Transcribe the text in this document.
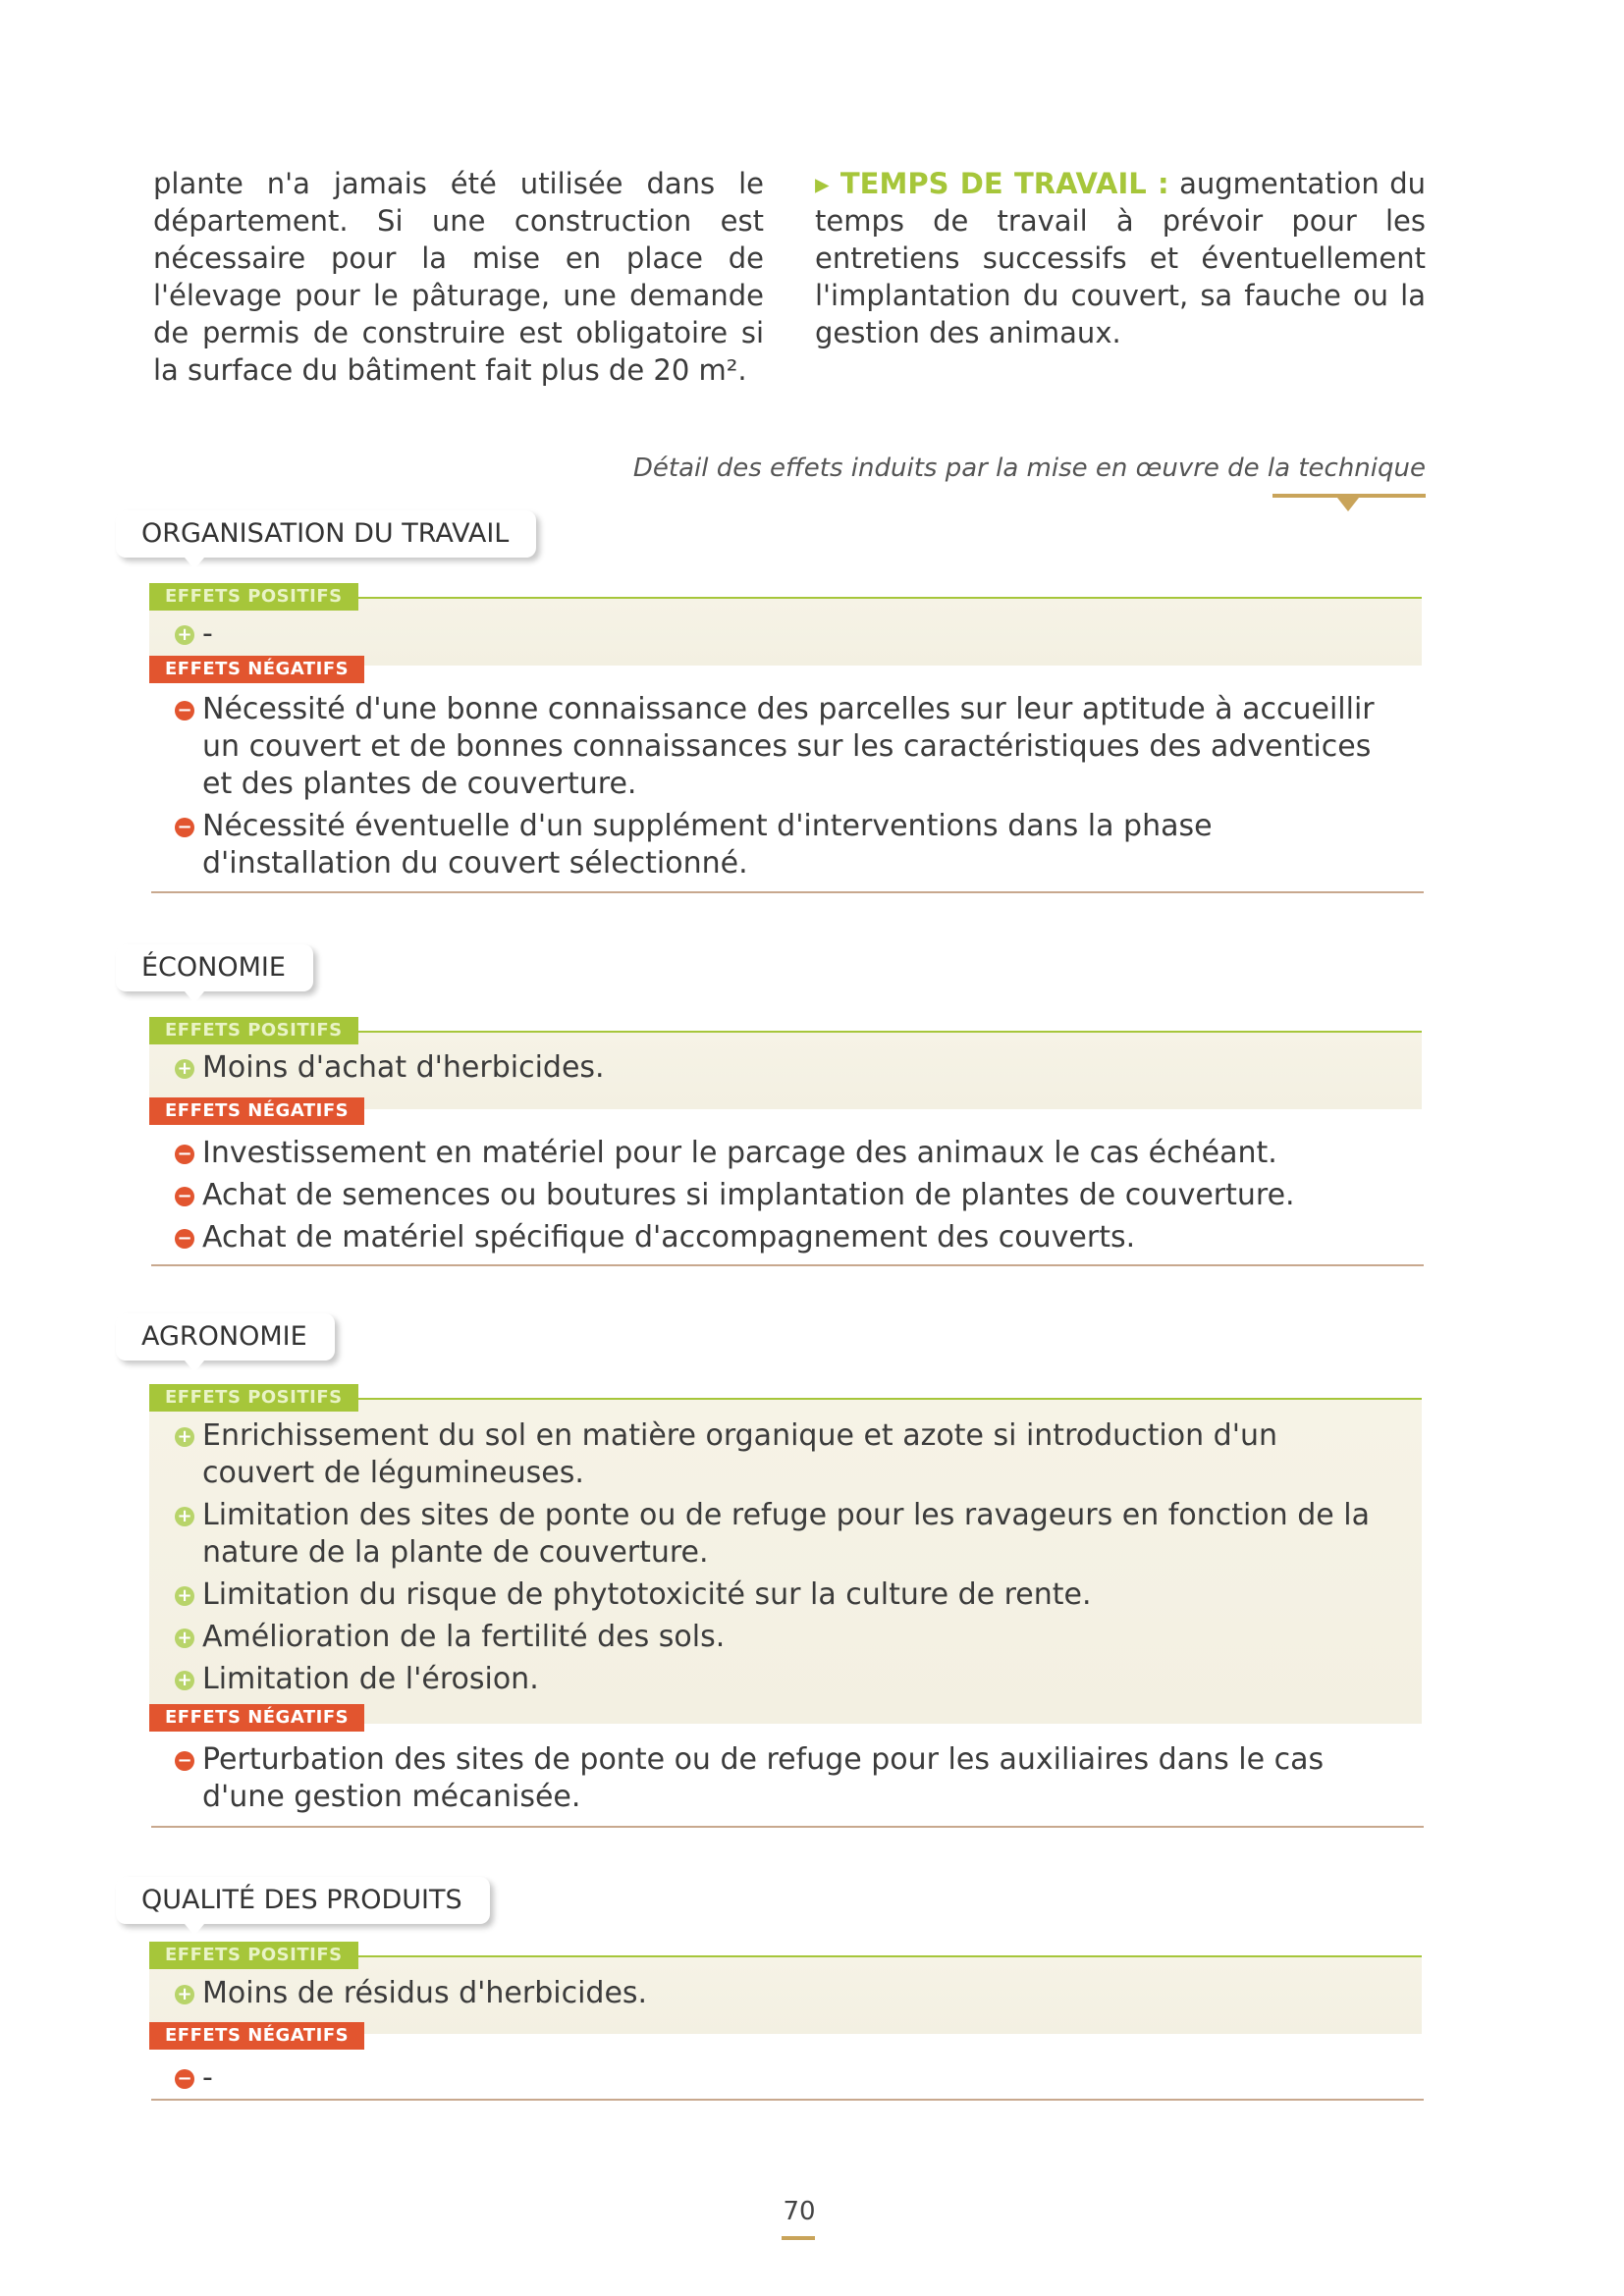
plante n'a jamais été utilisée dans le département. Si une construction est nécessaire pour la mise en place de l'élevage pour le pâturage, une demande de permis de construire est obligatoire si la surface du bâtiment fait plus de 20 m².
▸ TEMPS DE TRAVAIL : augmentation du temps de travail à prévoir pour les entretiens successifs et éventuellement l'implantation du couvert, sa fauche ou la gestion des animaux.
Détail des effets induits par la mise en œuvre de la technique
ORGANISATION DU TRAVAIL
EFFETS POSITIFS
+ -
EFFETS NÉGATIFS
− Nécessité d'une bonne connaissance des parcelles sur leur aptitude à accueillir un couvert et de bonnes connaissances sur les caractéristiques des adventices et des plantes de couverture.
− Nécessité éventuelle d'un supplément d'interventions dans la phase d'installation du couvert sélectionné.
ÉCONOMIE
EFFETS POSITIFS
+ Moins d'achat d'herbicides.
EFFETS NÉGATIFS
− Investissement en matériel pour le parcage des animaux le cas échéant.
− Achat de semences ou boutures si implantation de plantes de couverture.
− Achat de matériel spécifique d'accompagnement des couverts.
AGRONOMIE
EFFETS POSITIFS
+ Enrichissement du sol en matière organique et azote si introduction d'un couvert de légumineuses.
+ Limitation des sites de ponte ou de refuge pour les ravageurs en fonction de la nature de la plante de couverture.
+ Limitation du risque de phytotoxicité sur la culture de rente.
+ Amélioration de la fertilité des sols.
+ Limitation de l'érosion.
EFFETS NÉGATIFS
− Perturbation des sites de ponte ou de refuge pour les auxiliaires dans le cas d'une gestion mécanisée.
QUALITÉ DES PRODUITS
EFFETS POSITIFS
+ Moins de résidus d'herbicides.
EFFETS NÉGATIFS
− -
70
